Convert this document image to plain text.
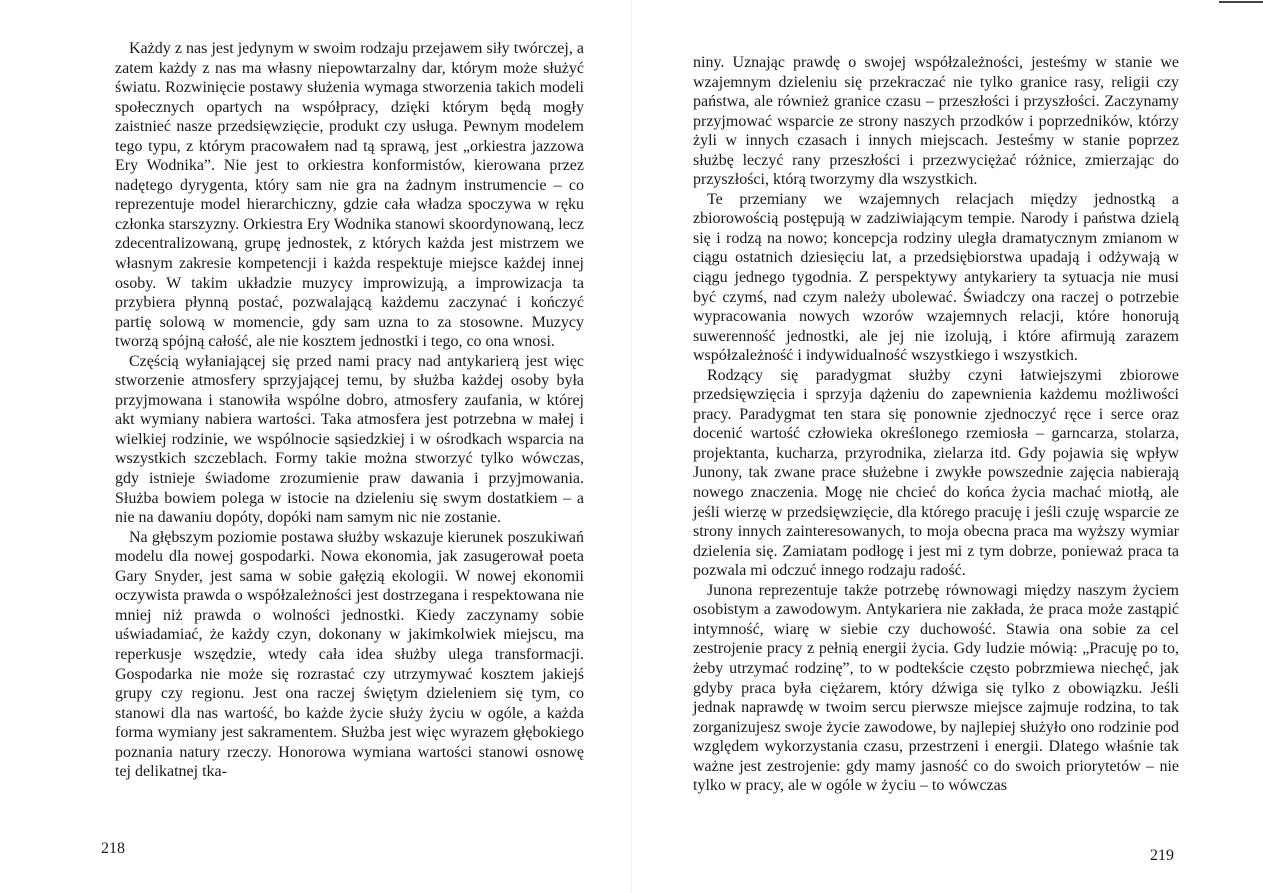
Każdy z nas jest jedynym w swoim rodzaju przejawem siły twórczej, a zatem każdy z nas ma własny niepowtarzalny dar, którym może służyć światu. Rozwinięcie postawy służenia wymaga stworzenia takich modeli społecznych opartych na współpracy, dzięki którym będą mogły zaistnieć nasze przedsięwzięcie, produkt czy usługa. Pewnym modelem tego typu, z którym pracowałem nad tą sprawą, jest „orkiestra jazzowa Ery Wodnika”. Nie jest to orkiestra konformistów, kierowana przez nadętego dyrygenta, który sam nie gra na żadnym instrumencie – co reprezentuje model hierarchiczny, gdzie cała władza spoczywa w ręku członka starszyzny. Orkiestra Ery Wodnika stanowi skoordynowaną, lecz zdecentralizowaną, grupę jednostek, z których każda jest mistrzem we własnym zakresie kompetencji i każda respektuje miejsce każdej innej osoby. W takim układzie muzycy improwizują, a improwizacja ta przybiera płynną postać, pozwalającą każdemu zaczynać i kończyć partię solową w momencie, gdy sam uzna to za stosowne. Muzycy tworzą spójną całość, ale nie kosztem jednostki i tego, co ona wnosi.

Częścią wyłaniającej się przed nami pracy nad antykarierą jest więc stworzenie atmosfery sprzyjającej temu, by służba każdej osoby była przyjmowana i stanowiła wspólne dobro, atmosfery zaufania, w której akt wymiany nabiera wartości. Taka atmosfera jest potrzebna w małej i wielkiej rodzinie, we wspólnocie sąsiedzkiej i w ośrodkach wsparcia na wszystkich szczeblach. Formy takie można stworzyć tylko wówczas, gdy istnieje świadome zrozumienie praw dawania i przyjmowania. Służba bowiem polega w istocie na dzieleniu się swym dostatkiem – a nie na dawaniu dopóty, dopóki nam samym nic nie zostanie.

Na głębszym poziomie postawa służby wskazuje kierunek poszukiwań modelu dla nowej gospodarki. Nowa ekonomia, jak zasugerował poeta Gary Snyder, jest sama w sobie gałęzią ekologii. W nowej ekonomii oczywista prawda o współzależności jest dostrzegana i respektowana nie mniej niż prawda o wolności jednostki. Kiedy zaczynamy sobie uświadamiać, że każdy czyn, dokonany w jakimkolwiek miejscu, ma reperkusje wszędzie, wtedy cała idea służby ulega transformacji. Gospodarka nie może się rozrastać czy utrzymywać kosztem jakiejś grupy czy regionu. Jest ona raczej świętym dzieleniem się tym, co stanowi dla nas wartość, bo każde życie służy życiu w ogóle, a każda forma wymiany jest sakramentem. Służba jest więc wyrazem głębokiego poznania natury rzeczy. Honorowa wymiana wartości stanowi osnowę tej delikatnej tka-

218

niny. Uznając prawdę o swojej współzależności, jesteśmy w stanie we wzajemnym dzieleniu się przekraczać nie tylko granice rasy, religii czy państwa, ale również granice czasu – przeszłości i przyszłości. Zaczynamy przyjmować wsparcie ze strony naszych przodków i poprzedników, którzy żyli w innych czasach i innych miejscach. Jesteśmy w stanie poprzez służbę leczyć rany przeszłości i przezwyciężać różnice, zmierzając do przyszłości, którą tworzymy dla wszystkich.

Te przemiany we wzajemnych relacjach między jednostką a zbiorowością postępują w zadziwiającym tempie. Narody i państwa dzielą się i rodzą na nowo; koncepcja rodziny uległa dramatycznym zmianom w ciągu ostatnich dziesięciu lat, a przedsiębiorstwa upadają i odżywają w ciągu jednego tygodnia. Z perspektywy antykariery ta sytuacja nie musi być czymś, nad czym należy ubolewać. Świadczy ona raczej o potrzebie wypracowania nowych wzorów wzajemnych relacji, które honorują suwerenność jednostki, ale jej nie izolują, i które afirmują zarazem współzależność i indywidualność wszystkiego i wszystkich.

Rodzący się paradygmat służby czyni łatwiejszymi zbiorowe przedsięwzięcia i sprzyja dążeniu do zapewnienia każdemu możliwości pracy. Paradygmat ten stara się ponownie zjednoczyć ręce i serce oraz docenić wartość człowieka określonego rzemiosła – garncarza, stolarza, projektanta, kucharza, przyrodnika, zielarza itd. Gdy pojawia się wpływ Junony, tak zwane prace służebne i zwykłe powszednie zajęcia nabierają nowego znaczenia. Mogę nie chcieć do końca życia machać miotłą, ale jeśli wierzę w przedsięwzięcie, dla którego pracuję i jeśli czuję wsparcie ze strony innych zainteresowanych, to moja obecna praca ma wyższy wymiar dzielenia się. Zamiatam podłogę i jest mi z tym dobrze, ponieważ praca ta pozwala mi odczuć innego rodzaju radość.

Junona reprezentuje także potrzebę równowagi między naszym życiem osobistym a zawodowym. Antykariera nie zakłada, że praca może zastąpić intymność, wiarę w siebie czy duchowość. Stawia ona sobie za cel zestrojenie pracy z pełnią energii życia. Gdy ludzie mówią: „Pracuję po to, żeby utrzymać rodzinę”, to w podtekście często pobrzmiewa niechęć, jak gdyby praca była ciężarem, który dźwiga się tylko z obowiązku. Jeśli jednak naprawdę w twoim sercu pierwsze miejsce zajmuje rodzina, to tak zorganizujesz swoje życie zawodowe, by najlepiej służyło ono rodzinie pod względem wykorzystania czasu, przestrzeni i energii. Dlatego właśnie tak ważne jest zestrojenie: gdy mamy jasność co do swoich priorytetów – nie tylko w pracy, ale w ogóle w życiu – to wówczas

219
